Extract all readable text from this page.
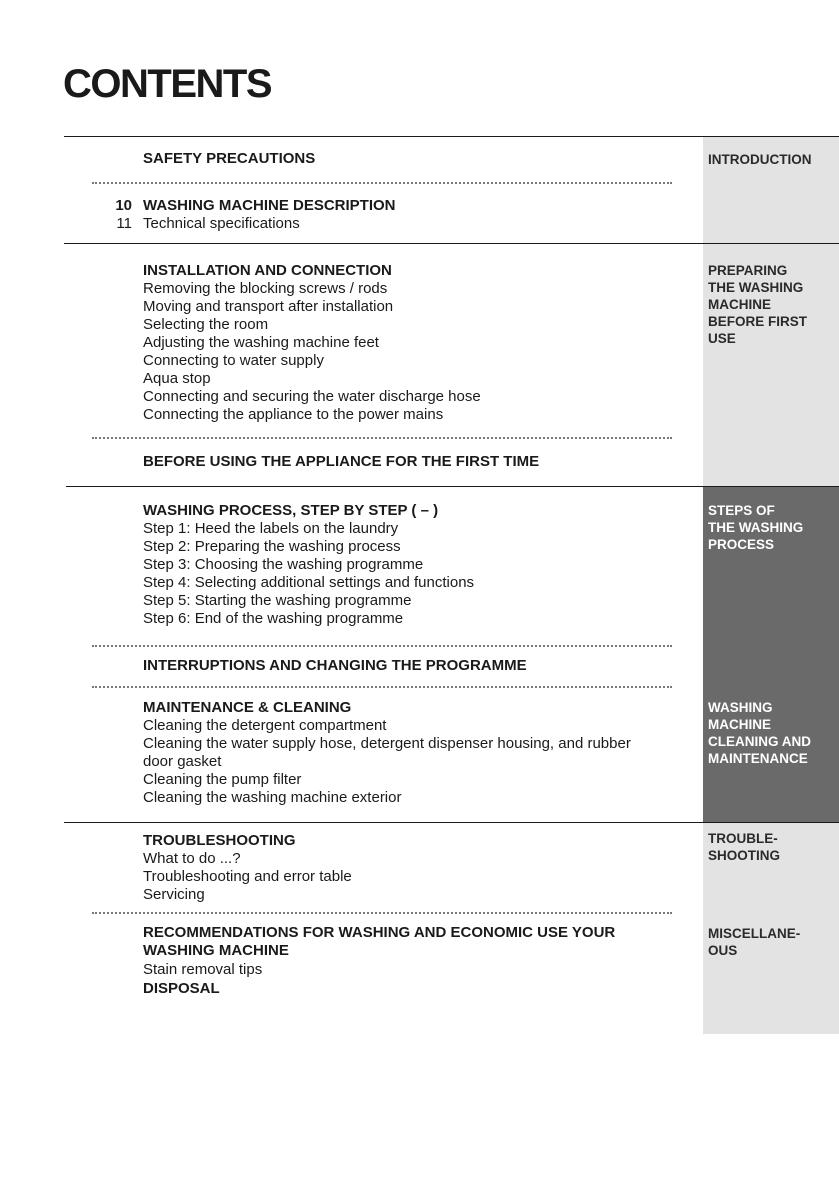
CONTENTS
INTRODUCTION
PREPARING
THE WASHING
MACHINE
BEFORE FIRST
USE
STEPS OF
THE WASHING
PROCESS
WASHING
MACHINE
CLEANING AND
MAINTENANCE
TROUBLE-
SHOOTING
MISCELLANE-
OUS
SAFETY PRECAUTIONS
10 WASHING MACHINE DESCRIPTION
11 Technical specifications
INSTALLATION AND CONNECTION
Removing the blocking screws / rods
Moving and transport after installation
Selecting the room
Adjusting the washing machine feet
Connecting to water supply
Aqua stop
Connecting and securing the water discharge hose
Connecting the appliance to the power mains
BEFORE USING THE APPLIANCE FOR THE FIRST TIME
WASHING PROCESS, STEP BY STEP ( – )
Step 1: Heed the labels on the laundry
Step 2: Preparing the washing process
Step 3: Choosing the washing programme
Step 4: Selecting additional settings and functions
Step 5: Starting the washing programme
Step 6: End of the washing programme
INTERRUPTIONS AND CHANGING THE PROGRAMME
MAINTENANCE & CLEANING
Cleaning the detergent compartment
Cleaning the water supply hose, detergent dispenser housing, and rubber
door gasket
Cleaning the pump filter
Cleaning the washing machine exterior
TROUBLESHOOTING
What to do ...?
Troubleshooting and error table
Servicing
RECOMMENDATIONS FOR WASHING AND ECONOMIC USE YOUR
WASHING MACHINE
Stain removal tips
DISPOSAL
